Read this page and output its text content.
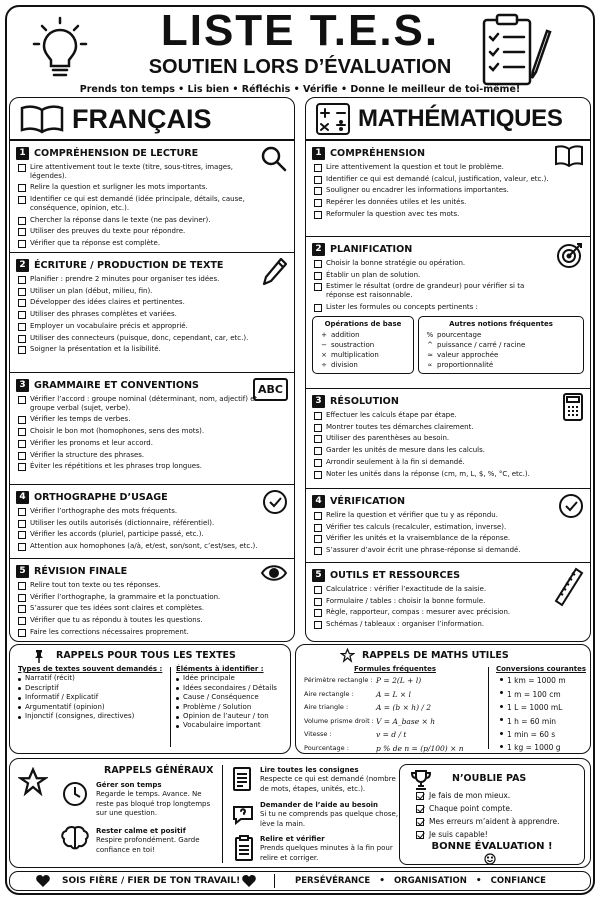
LISTE T.E.S.
SOUTIEN LORS D’ÉVALUATION
Prends ton temps • Lis bien • Réfléchis • Vérifie • Donne le meilleur de toi-même!
FRANÇAIS
1 COMPRÉHENSION DE LECTURE
Lire attentivement tout le texte (titre, sous-titres, images, légendes).
Relire la question et surligner les mots importants.
Identifier ce qui est demandé (idée principale, détails, cause, conséquence, opinion, etc.).
Chercher la réponse dans le texte (ne pas deviner).
Utiliser des preuves du texte pour répondre.
Vérifier que ta réponse est complète.
2 ÉCRITURE / PRODUCTION DE TEXTE
Planifier : prendre 2 minutes pour organiser tes idées.
Utiliser un plan (début, milieu, fin).
Développer des idées claires et pertinentes.
Utiliser des phrases complètes et variées.
Employer un vocabulaire précis et approprié.
Utiliser des connecteurs (puisque, donc, cependant, car, etc.).
Soigner la présentation et la lisibilité.
3 GRAMMAIRE ET CONVENTIONS	ABC
Vérifier l’accord : groupe nominal (déterminant, nom, adjectif) et groupe verbal (sujet, verbe).
Vérifier les temps de verbes.
Choisir le bon mot (homophones, sens des mots).
Vérifier les pronoms et leur accord.
Vérifier la structure des phrases.
Éviter les répétitions et les phrases trop longues.
4 ORTHOGRAPHE D’USAGE
Vérifier l’orthographe des mots fréquents.
Utiliser les outils autorisés (dictionnaire, référentiel).
Vérifier les accords (pluriel, participe passé, etc.).
Attention aux homophones (a/à, et/est, son/sont, c’est/ses, etc.).
5 RÉVISION FINALE
Relire tout ton texte ou tes réponses.
Vérifier l’orthographe, la grammaire et la ponctuation.
S’assurer que tes idées sont claires et complètes.
Vérifier que tu as répondu à toutes les questions.
Faire les corrections nécessaires proprement.
MATHÉMATIQUES
1 COMPRÉHENSION
Lire attentivement la question et tout le problème.
Identifier ce qui est demandé (calcul, justification, valeur, etc.).
Souligner ou encadrer les informations importantes.
Repérer les données utiles et les unités.
Reformuler la question avec tes mots.
2 PLANIFICATION
Choisir la bonne stratégie ou opération.
Établir un plan de solution.
Estimer le résultat (ordre de grandeur) pour vérifier si ta réponse est raisonnable.
Lister les formules ou concepts pertinents :
Opérations de base
+ addition
− soustraction
× multiplication
÷ division
Autres notions fréquentes
% pourcentage
^ puissance / carré / racine
≈ valeur approchée
∝ proportionnalité
3 RÉSOLUTION
Effectuer les calculs étape par étape.
Montrer toutes tes démarches clairement.
Utiliser des parenthèses au besoin.
Garder les unités de mesure dans les calculs.
Arrondir seulement à la fin si demandé.
Noter les unités dans la réponse (cm, m, L, $, %, °C, etc.).
4 VÉRIFICATION
Relire la question et vérifier que tu y as répondu.
Vérifier tes calculs (recalculer, estimation, inverse).
Vérifier les unités et la vraisemblance de la réponse.
S’assurer d’avoir écrit une phrase-réponse si demandé.
5 OUTILS ET RESSOURCES
Calculatrice : vérifier l’exactitude de la saisie.
Formulaire / tables : choisir la bonne formule.
Règle, rapporteur, compas : mesurer avec précision.
Schémas / tableaux : organiser l’information.
RAPPELS POUR TOUS LES TEXTES
Types de textes souvent demandés :
Narratif (récit)
Descriptif
Informatif / Explicatif
Argumentatif (opinion)
Injonctif (consignes, directives)
Éléments à identifier :
Idée principale
Idées secondaires / Détails
Cause / Conséquence
Problème / Solution
Opinion de l’auteur / ton
Vocabulaire important
RAPPELS DE MATHS UTILES
Formules fréquentes
Périmètre rectangle : P = 2(L + l)
Aire rectangle :	A = L × l
Aire triangle :	A = (b × h) / 2
Volume prisme droit : V = A_base × h
Vitesse :	v = d / t
Pourcentage :	p % de n = (p/100) × n
Conversions courantes
1 km = 1000 m
1 m = 100 cm
1 L = 1000 mL
1 h = 60 min
1 min = 60 s
1 kg = 1000 g
RAPPELS GÉNÉRAUX
Gérer son temps
Regarde le temps. Avance. Ne reste pas bloqué trop longtemps sur une question.
Rester calme et positif
Respire profondément. Garde confiance en toi!
Lire toutes les consignes
Respecte ce qui est demandé (nombre de mots, étapes, unités, etc.).
Demander de l’aide au besoin
Si tu ne comprends pas quelque chose, lève la main.
Relire et vérifier
Prends quelques minutes à la fin pour relire et corriger.
N’OUBLIE PAS
Je fais de mon mieux.
Chaque point compte.
Mes erreurs m’aident à apprendre.
Je suis capable!
BONNE ÉVALUATION !
SOIS FIÈRE / FIER DE TON TRAVAIL!	PERSÉVÉRANCE • ORGANISATION • CONFIANCE
